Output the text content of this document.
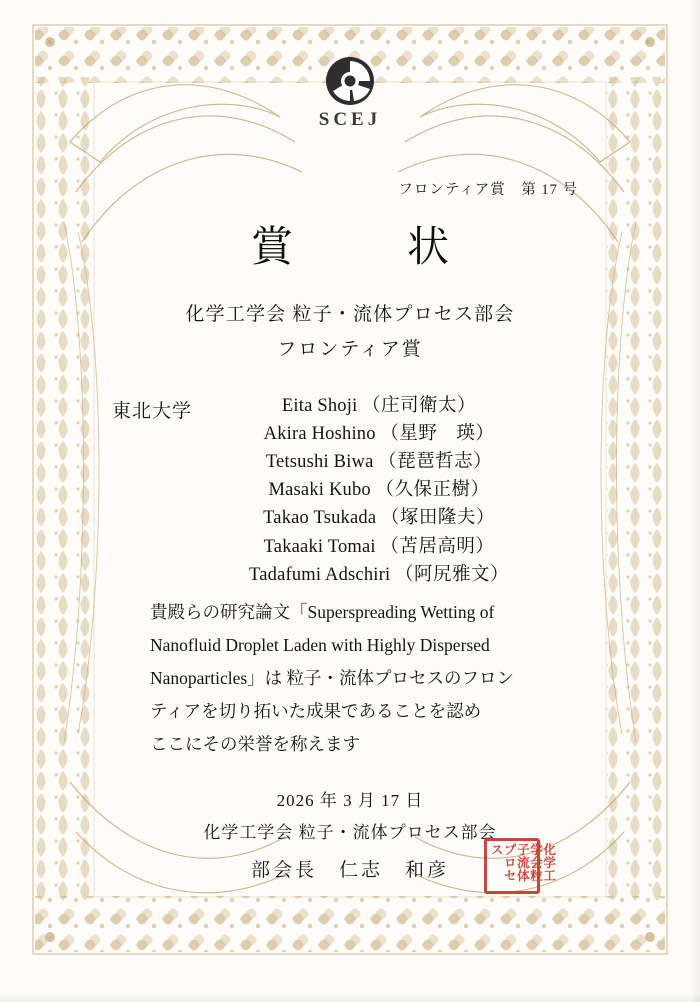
SCEJ
フロンティア賞　第 17 号
賞　状
化学工学会 粒子・流体プロセス部会
フロンティア賞
東北大学	Eita Shoji （庄司衛太）
Akira Hoshino （星野　瑛）
Tetsushi Biwa （琵琶哲志）
Masaki Kubo （久保正樹）
Takao Tsukada （塚田隆夫）
Takaaki Tomai （苫居高明）
Tadafumi Adschiri （阿尻雅文）
貴殿らの研究論文「Superspreading Wetting of
Nanofluid Droplet Laden with Highly Dispersed
Nanoparticles」は 粒子・流体プロセスのフロン
ティアを切り拓いた成果であることを認め
ここにその栄誉を称えます
2026 年 3 月 17 日
化学工学会 粒子・流体プロセス部会
部会長　仁志　和彦	化学工
学会粒
子流体
プロセス
